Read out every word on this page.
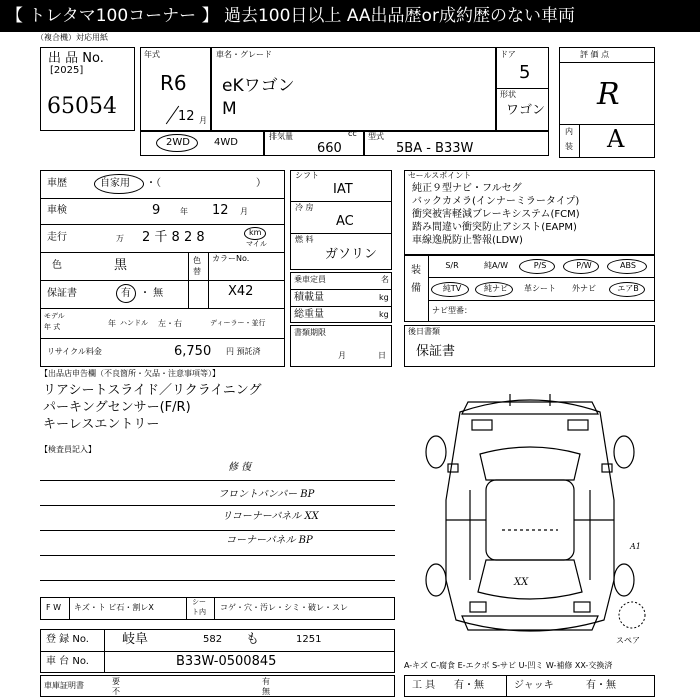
【 トレタマ100コーナー 】 過去100日以上 AA出品歴or成約歴のない車両
（複合機）対応用紙
出 品 No.
[2025]
65054
年式
R6
12 月
車名・グレード
eKワゴン
M
ドア
5
形状
ワゴン
評 価 点
R
内
装 A
2WD 4WD
排気量	cc
660
型式
5BA - B33W
車歴	自家用 ・（	）
車検	9 年 12 月
走行	万 2 千 8 2 8	km
マイル
色	黒	色
替
カラーNo.
X42
保証書	有 ・ 無
モデル
年 式	年 ハンドル 左・右	ディーラー・並行
リサイクル料金	6,750 円 預託済
シフト
IAT
冷 房
AC
燃 料
ガソリン
乗車定員	名
積載量	kg
総重量	kg
書類期限
月	日
セールスポイント
純正９型ナビ・フルセグ
バックカメラ(インナーミラータイプ)
衝突被害軽減ブレーキシステム(FCM)
踏み間違い衝突防止アシスト(EAPM)
車線逸脱防止警報(LDW)
装
備
S/R	純A/W	P/S	P/W	ABS
純TV	純ナビ	革シート	外ナビ	エアB
ナビ型番：
後日書類
保証書
【出品店申告欄（不良箇所・欠品・注意事項等）】
リアシートスライド／リクライニング
パーキングセンサー(F/R)
キーレスエントリー
【検査員記入】
修 復
フロントバンパー BP
リコーナーパネル XX
コーナーパネル BP
XX
A1
スペア
F W キズ・ト ビ石・割レX
シー
ト内 コゲ・穴・汚レ・シミ・破レ・スレ
登 録 No.	岐阜	582 も	1251
車 台 No.	B33W-0500845
車庫証明書	要
不
有
無
A-キズ C-腐食 E-エクボ S-サビ U-凹ミ W-補修 XX-交換済
工 具 有・無	ジャッキ	有・無
